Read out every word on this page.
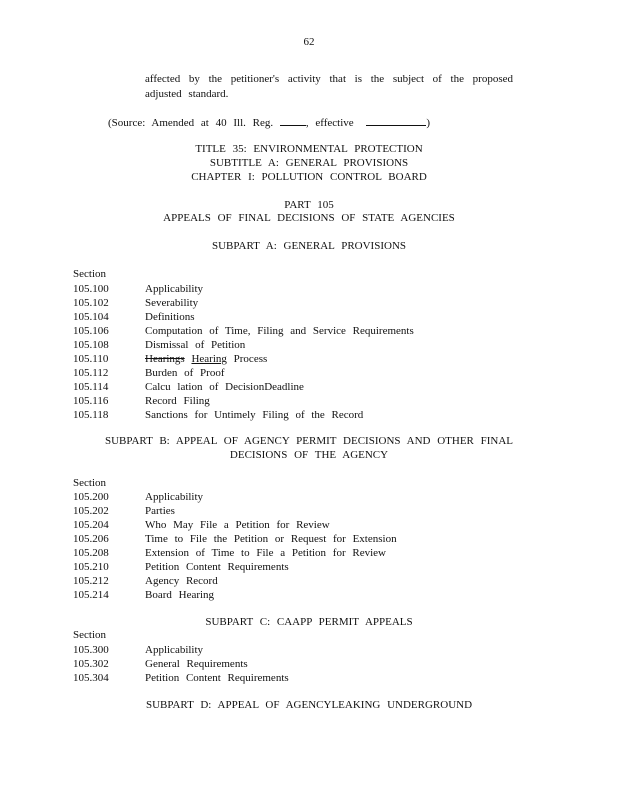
62
affected by the petitioner's activity that is the subject of the proposed adjusted standard.
(Source: Amended at 40 Ill. Reg.	, effective	)
TITLE 35: ENVIRONMENTAL PROTECTION
SUBTITLE A: GENERAL PROVISIONS
CHAPTER I: POLLUTION CONTROL BOARD
PART 105
APPEALS OF FINAL DECISIONS OF STATE AGENCIES
SUBPART A: GENERAL PROVISIONS
Section
105.100	Applicability
105.102	Severability
105.104	Definitions
105.106	Computation of Time, Filing and Service Requirements
105.108	Dismissal of Petition
105.110	Hearings Hearing Process
105.112	Burden of Proof
105.114	Calcu lation of DecisionDeadline
105.116	Record Filing
105.118	Sanctions for Untimely Filing of the Record
SUBPART B: APPEAL OF AGENCY PERMIT DECISIONS AND OTHER FINAL
DECISIONS OF THE AGENCY
Section
105.200	Applicability
105.202	Parties
105.204	Who May File a Petition for Review
105.206	Time to File the Petition or Request for Extension
105.208	Extension of Time to File a Petition for Review
105.210	Petition Content Requirements
105.212	Agency Record
105.214	Board Hearing
SUBPART C: CAAPP PERMIT APPEALS
Section
105.300	Applicability
105.302	General Requirements
105.304	Petition Content Requirements
SUBPART D: APPEAL OF AGENCYLEAKING UNDERGROUND
